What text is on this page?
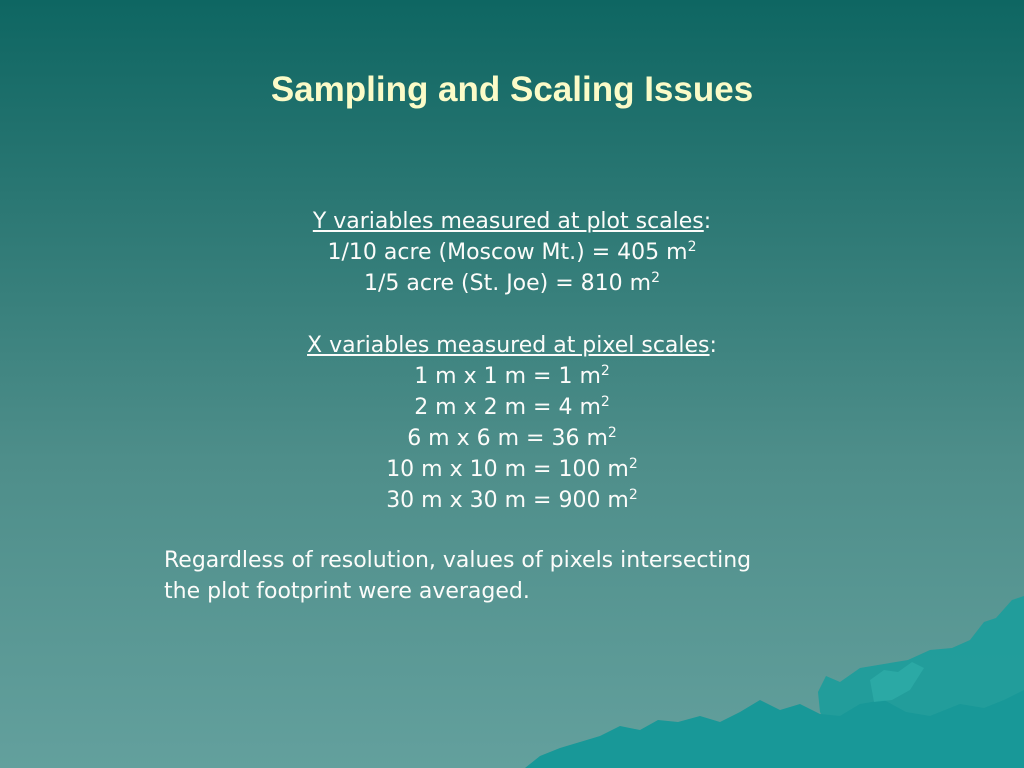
Sampling and Scaling Issues
Y variables measured at plot scales:
1/10 acre (Moscow Mt.) = 405 $m^2$
1/5 acre (St. Joe) = 810 $m^2$
X variables measured at pixel scales:
1 m x 1 m = 1 $m^2$
2 m x 2 m = 4 $m^2$
6 m x 6 m = 36 $m^2$
10 m x 10 m = 100 $m^2$
30 m x 30 m = 900 $m^2$
Regardless of resolution, values of pixels intersecting
the plot footprint were averaged.
